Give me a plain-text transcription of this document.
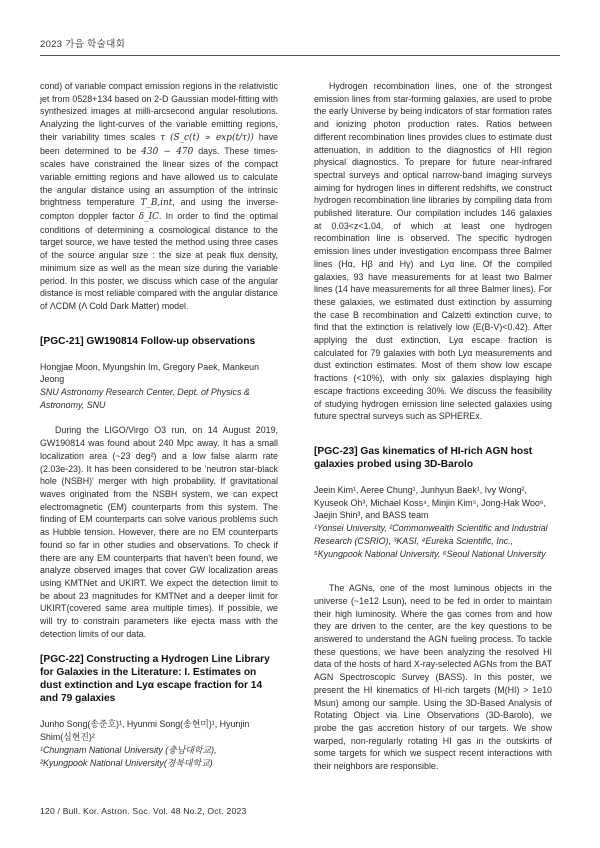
2023 가을 학술대회

cond) of variable compact emission regions in the relativistic jet from 0528+134 based on 2-D Gaussian model-fitting with synthesized images at milli-arcsecond angular resolutions. Analyzing the light-curves of the variable emitting regions, their variability times scales τ (S_c(t) ∝ exp(t/τ)) have been determined to be 430 − 470 days. These times-scales have constrained the linear sizes of the compact variable emitting regions and have allowed us to calculate the angular distance using an assumption of the intrinsic brightness temperature T_B,int, and using the inverse-compton doppler factor δ_IC. In order to find the optimal conditions of determining a cosmological distance to the target source, we have tested the method using three cases of the source angular size : the size at peak flux density, minimum size as well as the mean size during the variable period. In this poster, we discuss which case of the angular distance is most reliable compared with the angular distance of ΛCDM (Λ Cold Dark Matter) model.

[PGC-21] GW190814 Follow-up observations
Hongjae Moon, Myungshin Im, Gregory Paek, Mankeun Jeong
SNU Astronomy Research Center, Dept. of Physics & Astronomy, SNU

During the LIGO/Virgo O3 run, on 14 August 2019, GW190814 was found about 240 Mpc away. It has a small localization area (~23 deg²) and a low false alarm rate (2.03e-23). It has been considered to be 'neutron star-black hole (NSBH)' merger with high probability. If gravitational waves originated from the NSBH system, we can expect electromagnetic (EM) counterparts from this system. The finding of EM counterparts can solve various problems such as Hubble tension. However, there are no EM counterparts found so far in other studies and observations. To check if there are any EM counterparts that haven't been found, we analyze observed images that cover GW localization areas using KMTNet and UKIRT. We expect the detection limit to be about 23 magnitudes for KMTNet and a deeper limit for UKIRT(covered same area multiple times). If possible, we will try to constrain parameters like ejecta mass with the detection limits of our data.

[PGC-22] Constructing a Hydrogen Line Library for Galaxies in the Literature: I. Estimates on dust extinction and Lyα escape fraction for 14 and 79 galaxies
Junho Song(송준호)¹, Hyunmi Song(송현미)¹, Hyunjin Shim(심현진)²
¹Chungnam National University (충남대학교),
²Kyungpook National University(경북대학교)

Hydrogen recombination lines, one of the strongest emission lines from star-forming galaxies, are used to probe the early Universe by being indicators of star formation rates and ionizing photon production rates. Ratios between different recombination lines provides clues to estimate dust attenuation, in addition to the diagnostics of HII region physical diagnostics. To prepare for future near-infrared spectral surveys and optical narrow-band imaging surveys aiming for hydrogen lines in different redshifts, we construct hydrogen recombination line libraries by compiling data from published literature. Our compilation includes 146 galaxies at 0.03<z<1.04, of which at least one hydrogen recombination line is observed. The specific hydrogen emission lines under investigation encompass three Balmer lines (Hα, Hβ and Hγ) and Lyα line. Of the compiled galaxies, 93 have measurements for at least two Balmer lines (14 have measurements for all three Balmer lines). For these galaxies, we estimated dust extinction by assuming the case B recombination and Calzetti extinction curve, to find that the extinction is relatively low (E(B-V)<0.42). After applying the dust extinction, Lyα escape fraction is calculated for 79 galaxies with both Lyα measurements and dust extinction estimates. Most of them show low escape fractions (<10%), with only six galaxies displaying high escape fractions exceeding 30%. We discuss the feasibility of studying hydrogen emission line selected galaxies using future spectral surveys such as SPHEREx.

[PGC-23] Gas kinematics of HI-rich AGN host galaxies probed using 3D-Barolo
Jeein Kim¹, Aeree Chung¹, Junhyun Baek¹, Ivy Wong², Kyuseok Oh³, Michael Koss⁴, Minjin Kim⁵, Jong-Hak Woo⁶, Jaejin Shin³, and BASS team
¹Yonsei University, ²Commonwealth Scientific and Industrial Research (CSRIO), ³KASI, ⁴Eureka Scientific, Inc., ⁵Kyungpook National University, ⁶Seoul National University

The AGNs, one of the most luminous objects in the universe (~1e12 Lsun), need to be fed in order to maintain their high luminosity. Where the gas comes from and how they are driven to the center, are the key questions to be answered to understand the AGN fueling process. To tackle these questions, we have been analyzing the resolved HI data of the hosts of hard X-ray-selected AGNs from the BAT AGN Spectroscopic Survey (BASS). In this poster, we present the HI kinematics of HI-rich targets (M(HI) > 1e10 Msun) among our sample. Using the 3D-Based Analysis of Rotating Object via Line Observations (3D-Barolo), we probe the gas accretion history of our targets. We show warped, non-regularly rotating HI gas in the outskirts of some targets for which we suspect recent interactions with their neighbors are responsible.

120 / Bull. Kor. Astron. Soc. Vol. 48 No.2, Oct. 2023
